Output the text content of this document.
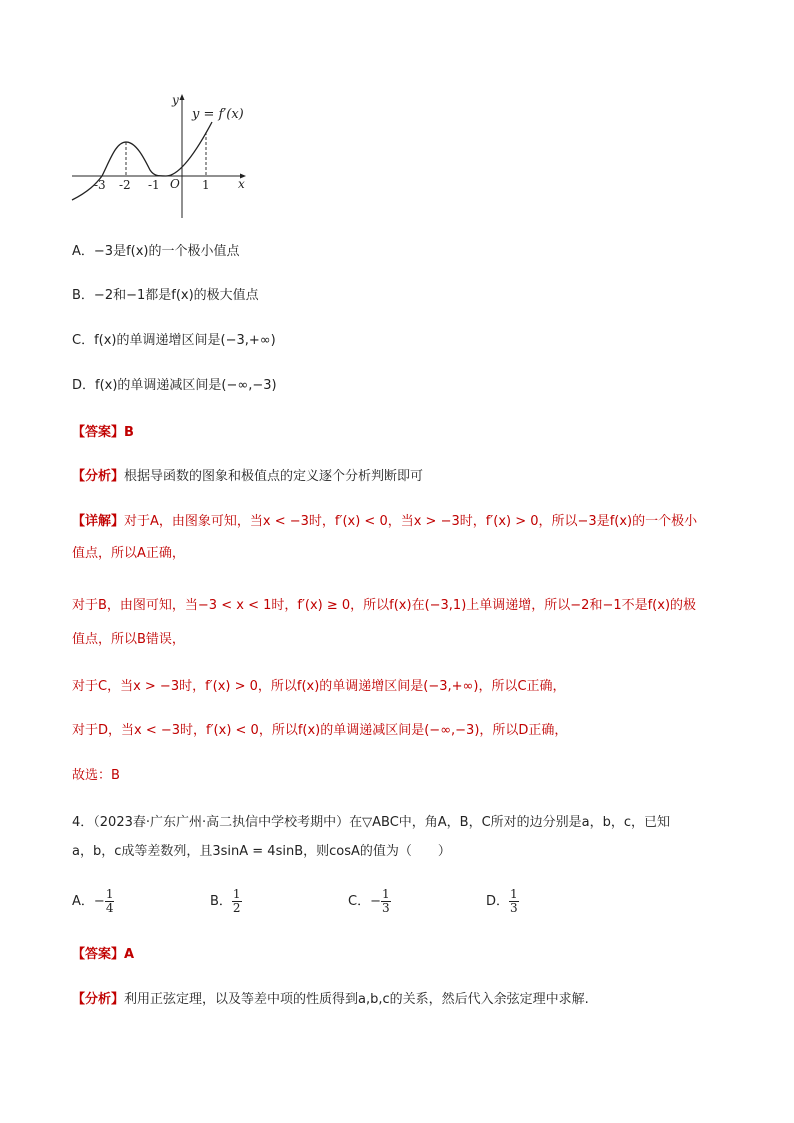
y
y = f′(x)
x
O
-3 -2 -1	1
A．−3是f(x)的一个极小值点
B．−2和−1都是f(x)的极大值点
C．f(x)的单调递增区间是(−3,+∞)
D．f(x)的单调递减区间是(−∞,−3)
【答案】B
【分析】根据导函数的图象和极值点的定义逐个分析判断即可
【详解】对于A，由图象可知，当x < −3时，f′(x) < 0，当x > −3时，f′(x) > 0，所以−3是f(x)的一个极小
值点，所以A正确，
对于B，由图可知，当−3 < x < 1时，f′(x) ≥ 0，所以f(x)在(−3,1)上单调递增，所以−2和−1不是f(x)的极
值点，所以B错误，
对于C，当x > −3时，f′(x) > 0，所以f(x)的单调递增区间是(−3,+∞)，所以C正确，
对于D，当x < −3时，f′(x) < 0，所以f(x)的单调递减区间是(−∞,−3)，所以D正确，
故选：B
4．（2023春·广东广州·高二执信中学校考期中）在▽ABC中，角A，B，C所对的边分别是a，b，c，已知
a，b，c成等差数列，且3sinA = 4sinB，则cosA的值为（　　）
A．− $\frac{1}{4}$	B． $\frac{1}{2}$	C．− $\frac{1}{3}$	D． $\frac{1}{3}$
【答案】A
【分析】利用正弦定理，以及等差中项的性质得到a,b,c的关系，然后代入余弦定理中求解.
